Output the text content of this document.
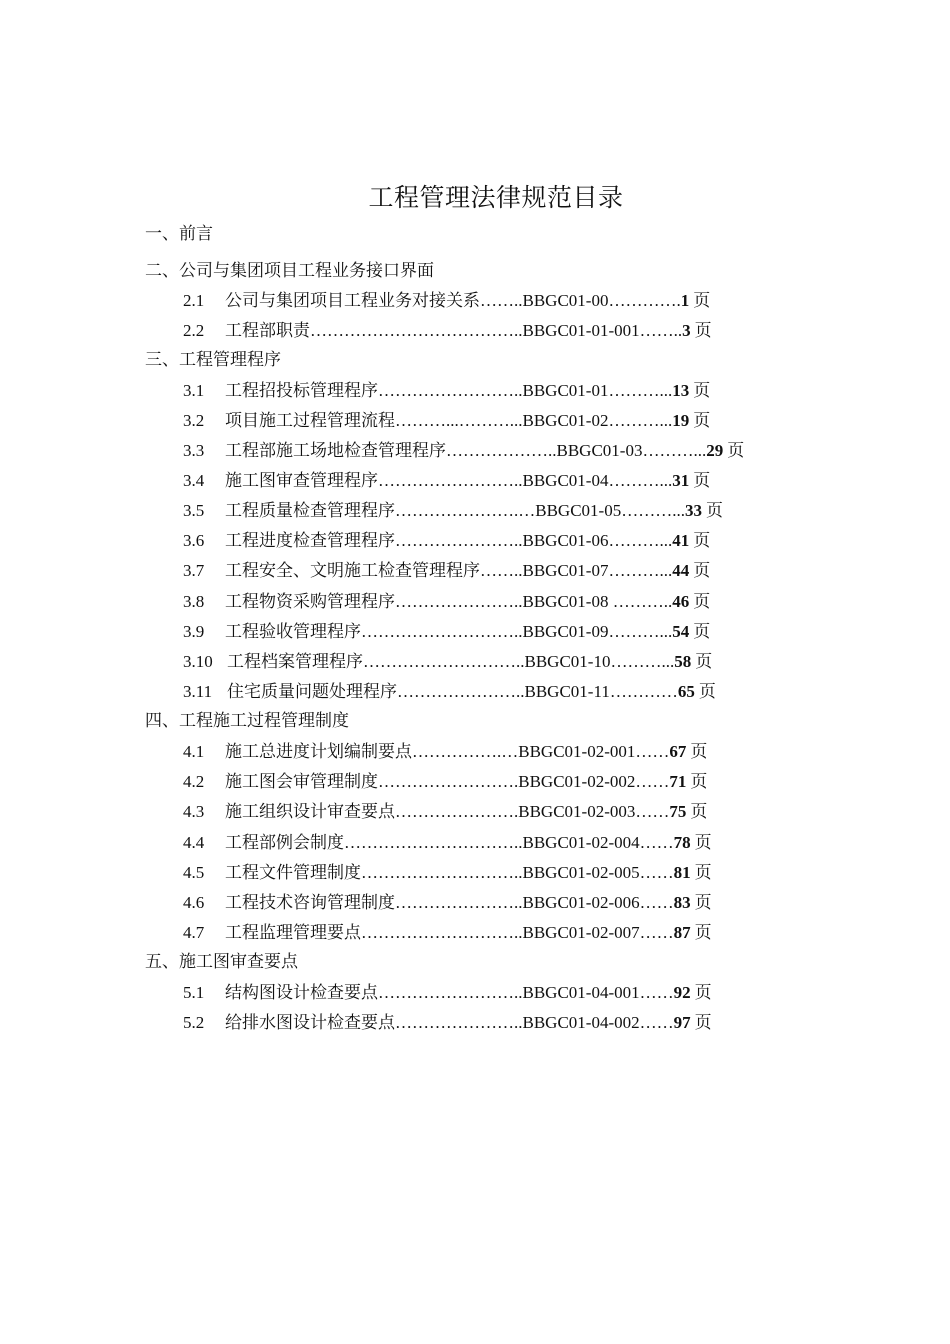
工程管理法律规范目录
一、前言
二、公司与集团项目工程业务接口界面
2.1 公司与集团项目工程业务对接关系……..BBGC01-00………….1 页
2.2 工程部职责………………………………..BBGC01-01-001……..3 页
三、工程管理程序
3.1 工程招投标管理程序……………………..BBGC01-01………...13 页
3.2 项目施工过程管理流程………...………...BBGC01-02………...19 页
3.3 工程部施工场地检查管理程序………………..BBGC01-03………...29 页
3.4 施工图审查管理程序……………………..BBGC01-04………...31 页
3.5 工程质量检查管理程序………………….…BBGC01-05………...33 页
3.6 工程进度检查管理程序…………………..BBGC01-06………...41 页
3.7 工程安全、文明施工检查管理程序……..BBGC01-07………...44 页
3.8 工程物资采购管理程序…………………..BBGC01-08 ………..46 页
3.9 工程验收管理程序………………………..BBGC01-09………...54 页
3.10 工程档案管理程序………………………..BBGC01-10………...58 页
3.11 住宅质量问题处理程序…………………..BBGC01-11…………65 页
四、工程施工过程管理制度
4.1 施工总进度计划编制要点…………….…BBGC01-02-001……67 页
4.2 施工图会审管理制度…………………….BBGC01-02-002……71 页
4.3 施工组织设计审查要点………………….BBGC01-02-003……75 页
4.4 工程部例会制度…………………………..BBGC01-02-004……78 页
4.5 工程文件管理制度………………………..BBGC01-02-005……81 页
4.6 工程技术咨询管理制度…………………..BBGC01-02-006……83 页
4.7 工程监理管理要点………………………..BBGC01-02-007……87 页
五、施工图审查要点
5.1 结构图设计检查要点……………………..BBGC01-04-001……92 页
5.2 给排水图设计检查要点…………………..BBGC01-04-002……97 页
